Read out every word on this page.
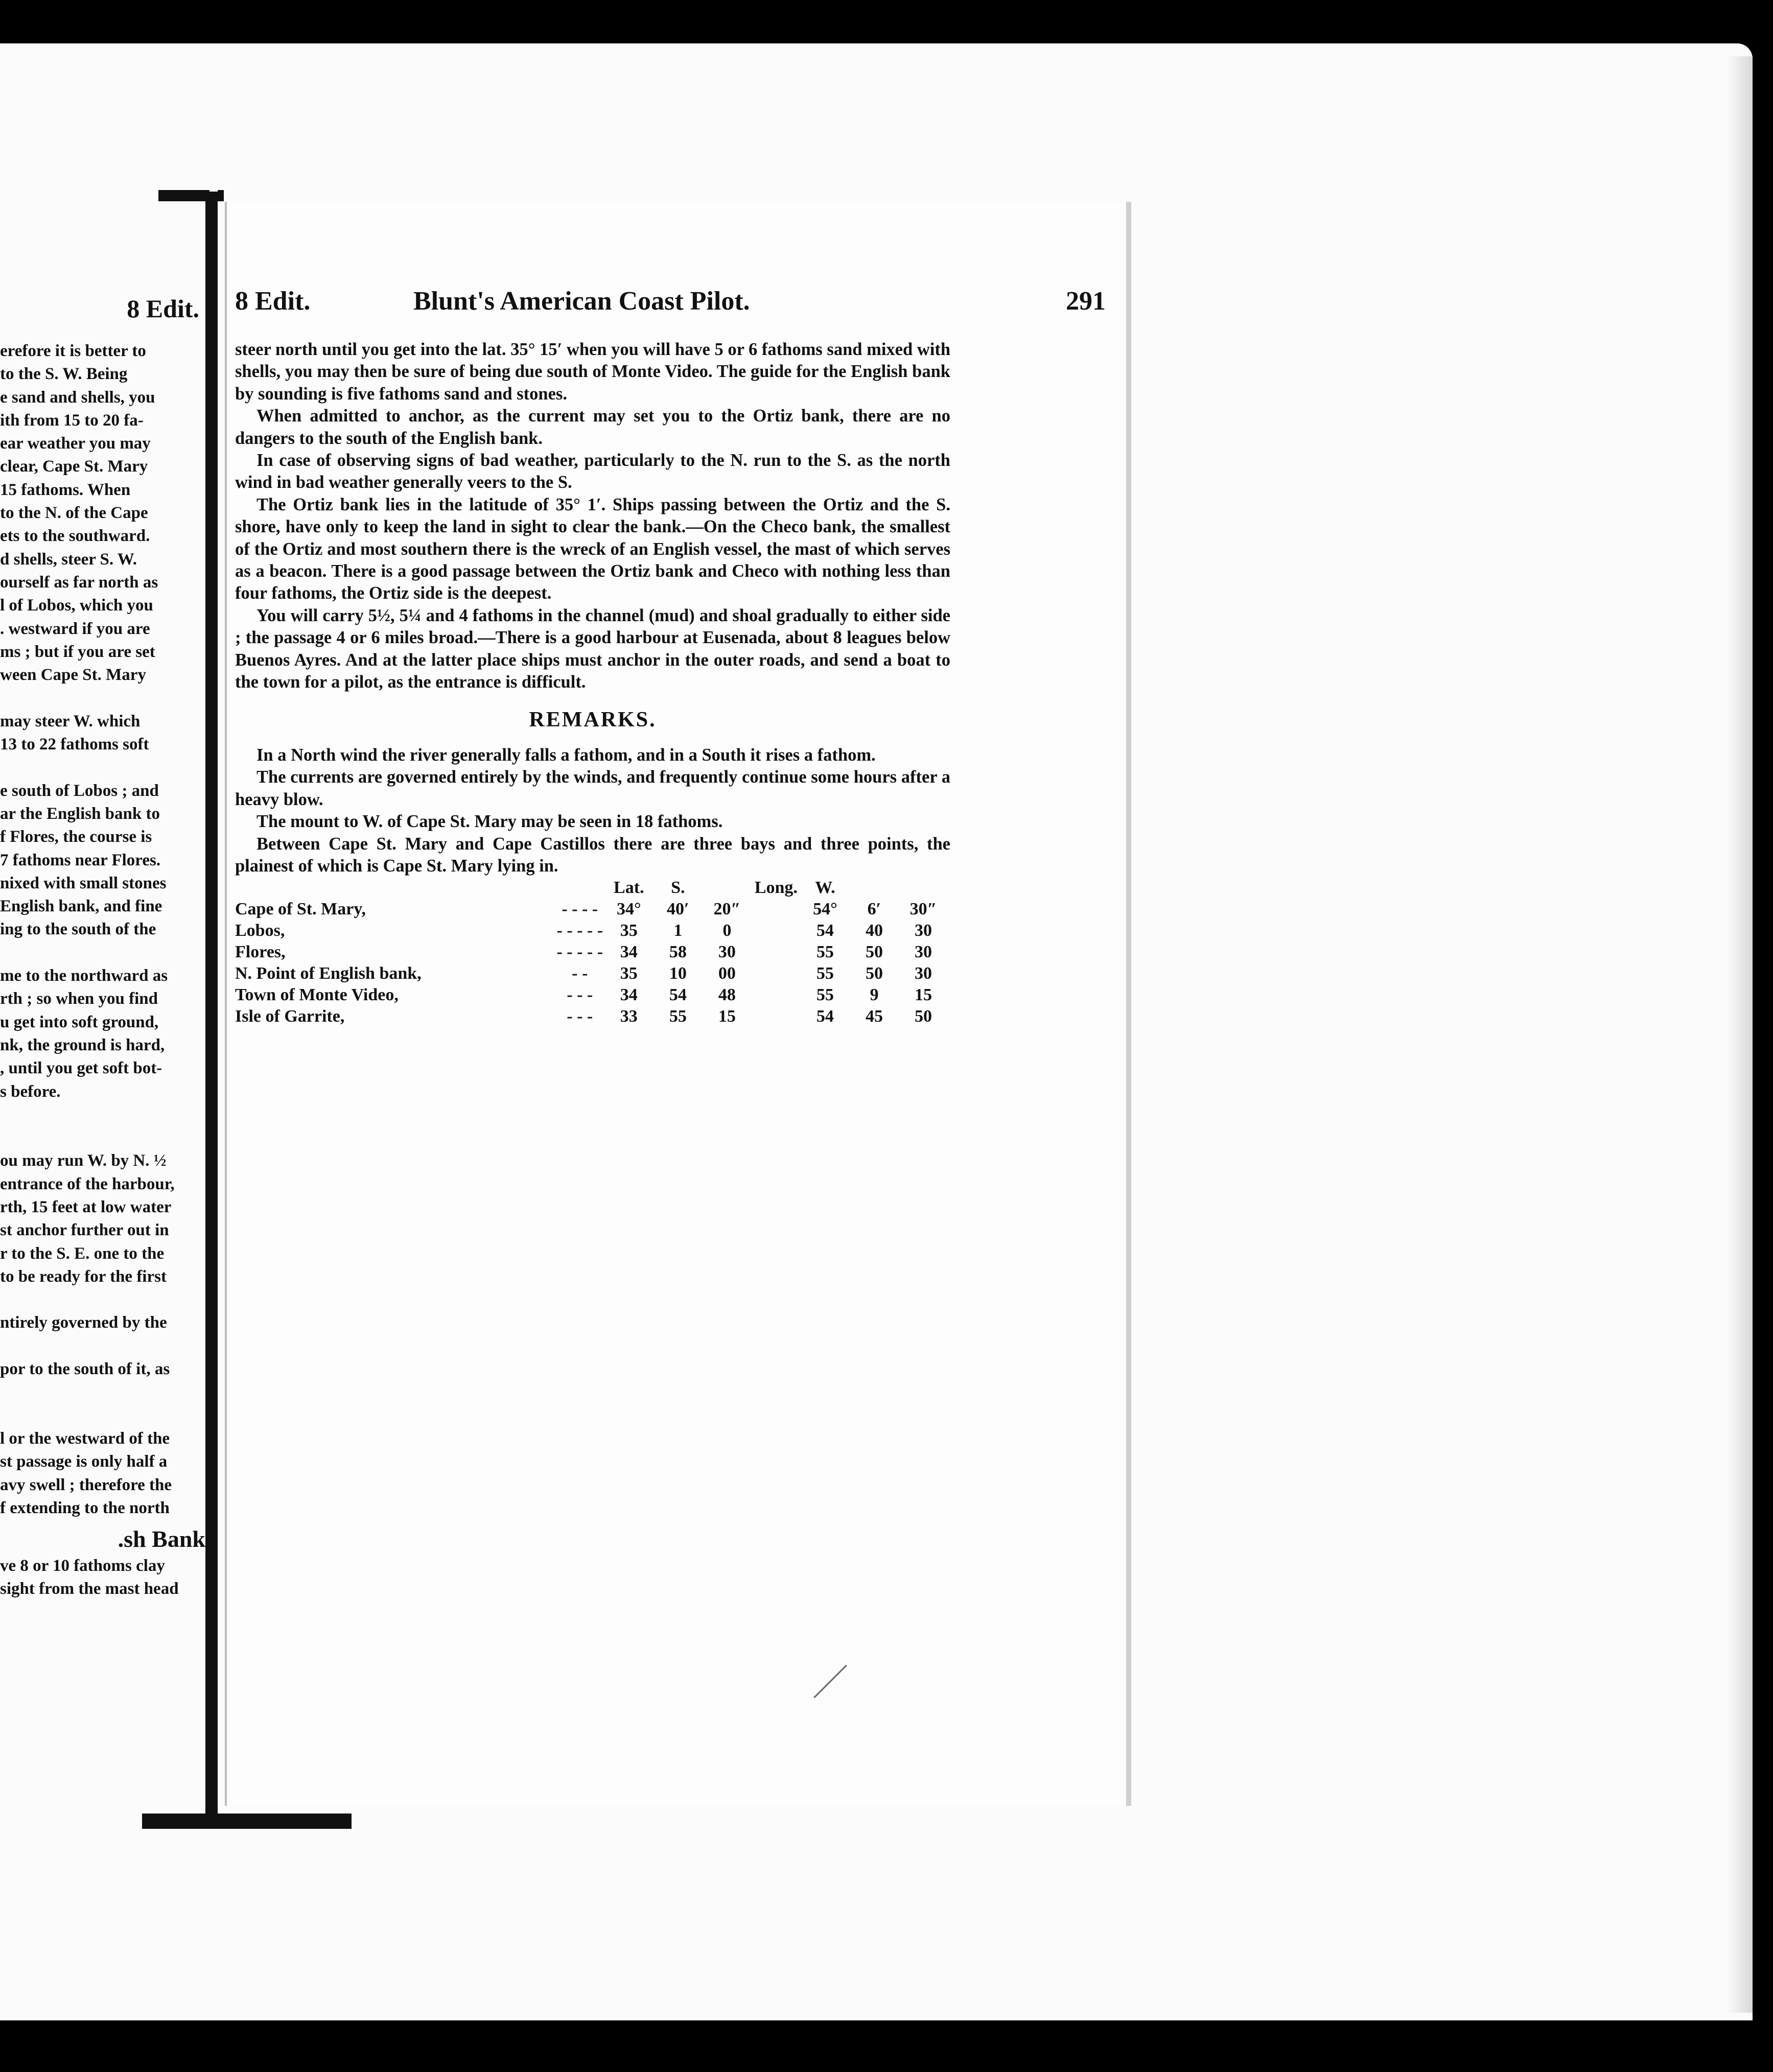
8 Edit.
erefore it is better to
to the S. W. Being
e sand and shells, you
ith from 15 to 20 fa-
ear weather you may
clear, Cape St. Mary
15 fathoms. When
to the N. of the Cape
ets to the southward.
d shells, steer S. W.
ourself as far north as
l of Lobos, which you
. westward if you are
ms ; but if you are set
ween Cape St. Mary
may steer W. which
13 to 22 fathoms soft
e south of Lobos ; and
ar the English bank to
f Flores, the course is
7 fathoms near Flores.
nixed with small stones
English bank, and fine
ing to the south of the
me to the northward as
rth ; so when you find
u get into soft ground,
nk, the ground is hard,
, until you get soft bot-
s before.
ou may run W. by N. ½
entrance of the harbour,
rth, 15 feet at low water
st anchor further out in
r to the S. E. one to the
to be ready for the first
ntirely governed by the
por to the south of it, as
l or the westward of the
st passage is only half a
avy swell ; therefore the
f extending to the north
sh Bank.
ve 8 or 10 fathoms clay
sight from the mast head
8 Edit.	Blunt's American Coast Pilot.	291

steer north until you get into the lat. 35° 15′ when you will have 5 or 6 fathoms sand mixed with shells, you may then be sure of being due south of Monte Video. The guide for the English bank by sounding is five fathoms sand and stones.

When admitted to anchor, as the current may set you to the Ortiz bank, there are no dangers to the south of the English bank.

In case of observing signs of bad weather, particularly to the N. run to the S. as the north wind in bad weather generally veers to the S.

The Ortiz bank lies in the latitude of 35° 1′. Ships passing between the Ortiz and the S. shore, have only to keep the land in sight to clear the bank.—On the Checo bank, the smallest of the Ortiz and most southern there is the wreck of an English vessel, the mast of which serves as a beacon. There is a good passage between the Ortiz bank and Checo with nothing less than four fathoms, the Ortiz side is the deepest.

You will carry 5½, 5¼ and 4 fathoms in the channel (mud) and shoal gradually to either side ; the passage 4 or 6 miles broad.—There is a good harbour at Eusenada, about 8 leagues below Buenos Ayres. And at the latter place ships must anchor in the outer roads, and send a boat to the town for a pilot, as the entrance is difficult.

REMARKS.

In a North wind the river generally falls a fathom, and in a South it rises a fathom.

The currents are governed entirely by the winds, and frequently continue some hours after a heavy blow.

The mount to W. of Cape St. Mary may be seen in 18 fathoms.

Between Cape St. Mary and Cape Castillos there are three bays and three points, the plainest of which is Cape St. Mary lying in.

		Lat.	S.		Long.	W.		
Cape of St. Mary,	- - - -	34°	40′	20″		54°	6′	30″
Lobos,	- - - - -	35	1	0		54	40	30
Flores,	- - - - -	34	58	30		55	50	30
N. Point of English bank,	- -	35	10	00		55	50	30
Town of Monte Video,	- - -	34	54	48		55	9	15
Isle of Garrite,	- - -	33	55	15		54	45	50
